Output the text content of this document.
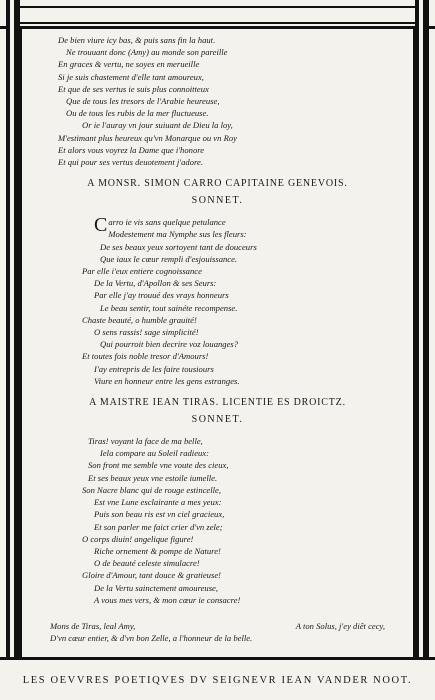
De bien viure icy bas, & puis sans fin la haut.
Ne trouuant donc (Amy) au monde son pareille
En graces & vertu, ne soyes en merueille
Si je suis chastement d'elle tant amoureux,
Et que de ses vertus ie suis plus connoitteux
Que de tous les tresors de l'Arabie heureuse,
Ou de tous les rubis de la mer fluctueuse.
Or ie l'auray vn jour suiuant de Dieu la loy,
M'estimant plus heureux qu'vn Monarque ou vn Roy
Et alors vous voyrez la Dame que i'honore
Et qui pour ses vertus deuotement j'adore.
A MONSR. SIMON CARRO CAPITAINE GENEVOIS.
SONNET.
Carro ie vis sans quelque petulance
Modestement ma Nymphe sus les fleurs:
De ses beaux yeux sortoyent tant de douceurs
Que iaux le cœur rempli d'esjouissance.
Par elle i'eux entiere cognoissance
De la Vertu, d'Apollon & ses Seurs:
Par elle j'ay trouué des vrays honneurs
Le beau sentir, tout sainéte recompense.
Chaste beauté, o humble grauité!
O sens rassis! sage simplicité!
Qui pourroit bien decrire voz louanges?
Et toutes fois noble tresor d'Amours!
I'ay entrepris de les faire tousiours
Viure en honneur entre les gens estranges.
A MAISTRE IEAN TIRAS. LICENTIE ES DROICTZ.
SONNET.
Tiras! voyant la face de ma belle,
Iela compare au Soleil radieux:
Son front me semble vne voute des cieux,
Et ses beaux yeux vne estoile iumelle.
Son Nacre blanc qui de rouge estincelle,
Est vne Lune esclairante a mes yeux:
Puis son beau ris est vn ciel gracieux,
Et son parler me faict crier d'vn zele;
O corps diuin! angelique figure!
Riche ornement & pompe de Nature!
O de beauté celeste simulacre!
Gloire d'Amour, tant douce & gratieuse!
De la Vertu sainctement amoureuse,
A vous mes vers, & mon cœur ie consacre!
Mons de Tiras, leal Amy,	A ton Solus, j'ey diêt cecy,
D'vn cœur entier, & d'vn bon Zelle, a l'honneur de la belle.
LES OEVVRES POETIQVES DV SEIGNEVR IEAN VANDER NOOT.
